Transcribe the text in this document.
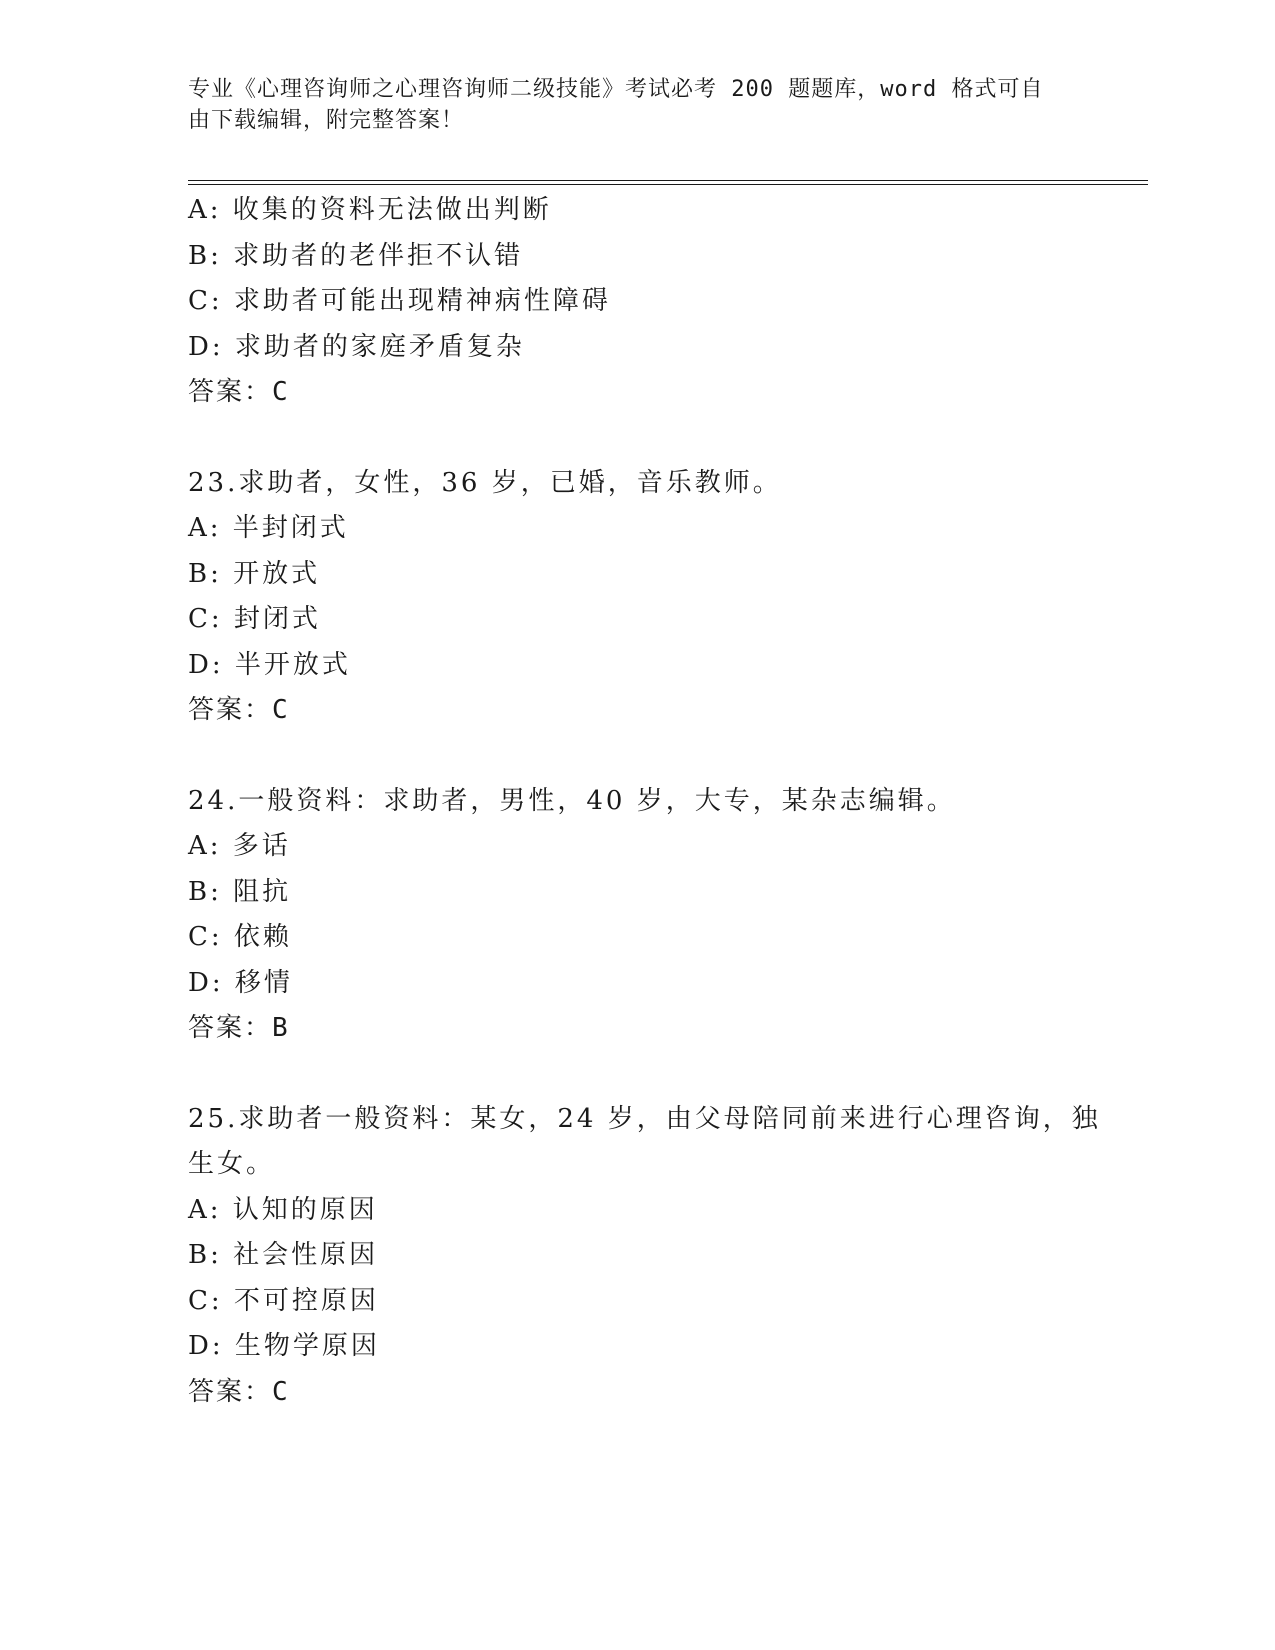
专业《心理咨询师之心理咨询师二级技能》考试必考 200 题题库，word 格式可自
由下载编辑，附完整答案！
A: 收集的资料无法做出判断
B: 求助者的老伴拒不认错
C: 求助者可能出现精神病性障碍
D: 求助者的家庭矛盾复杂
答案：C
23.求助者，女性，36 岁，已婚，音乐教师。
A: 半封闭式
B: 开放式
C: 封闭式
D: 半开放式
答案：C
24.一般资料：求助者，男性，40 岁，大专，某杂志编辑。
A: 多话
B: 阻抗
C: 依赖
D: 移情
答案：B
25.求助者一般资料：某女，24 岁，由父母陪同前来进行心理咨询，独
生女。
A: 认知的原因
B: 社会性原因
C: 不可控原因
D: 生物学原因
答案：C
